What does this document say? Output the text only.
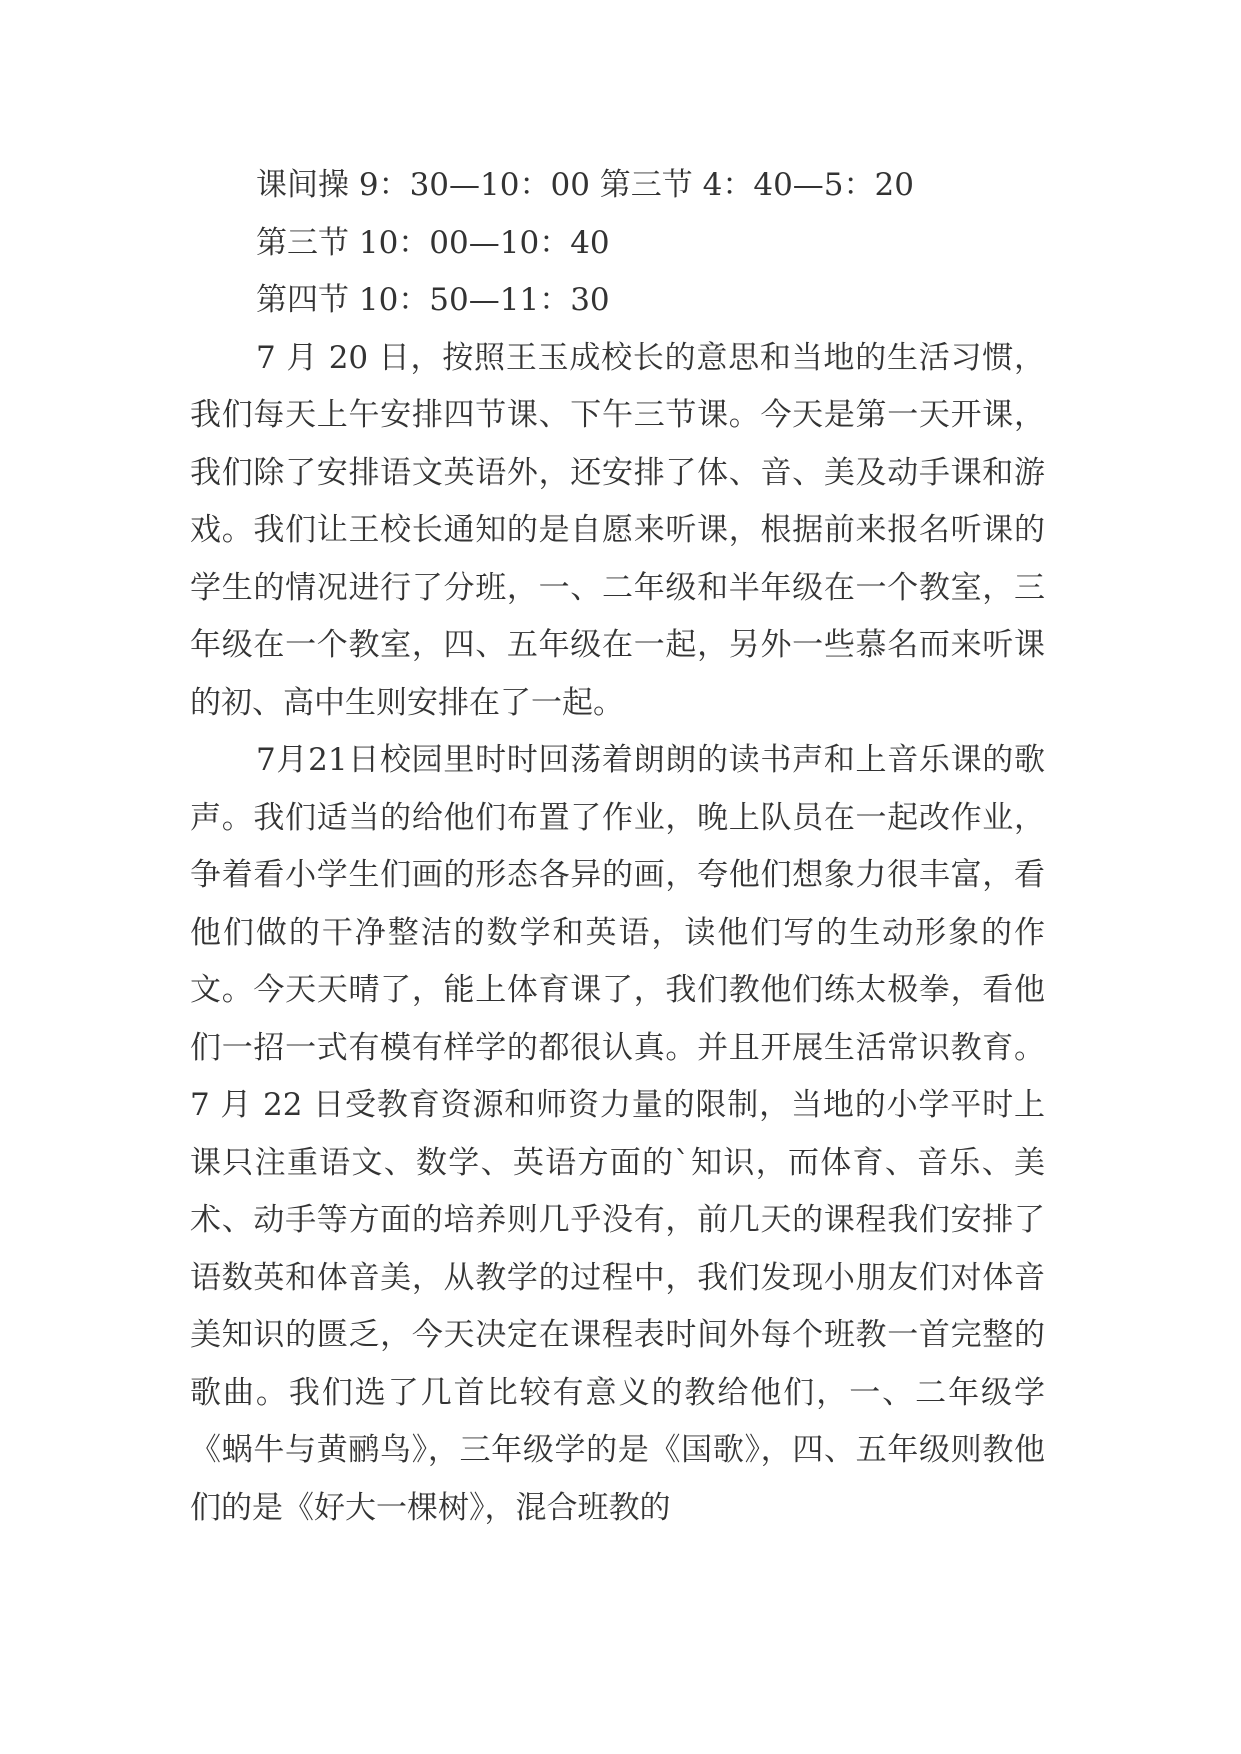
课间操 9：30—10：00 第三节 4：40—5：20

第三节 10：00—10：40

第四节 10：50—11：30

7 月 20 日，按照王玉成校长的意思和当地的生活习惯，我们每天上午安排四节课、下午三节课。今天是第一天开课，我们除了安排语文英语外，还安排了体、音、美及动手课和游戏。我们让王校长通知的是自愿来听课，根据前来报名听课的学生的情况进行了分班，一、二年级和半年级在一个教室，三年级在一个教室，四、五年级在一起，另外一些慕名而来听课的初、高中生则安排在了一起。

7月21日校园里时时回荡着朗朗的读书声和上音乐课的歌声。我们适当的给他们布置了作业，晚上队员在一起改作业，争着看小学生们画的形态各异的画，夸他们想象力很丰富，看他们做的干净整洁的数学和英语，读他们写的生动形象的作文。今天天晴了，能上体育课了，我们教他们练太极拳，看他们一招一式有模有样学的都很认真。并且开展生活常识教育。 7 月 22 日受教育资源和师资力量的限制，当地的小学平时上课只注重语文、数学、英语方面的`知识，而体育、音乐、美术、动手等方面的培养则几乎没有，前几天的课程我们安排了语数英和体音美，从教学的过程中，我们发现小朋友们对体音美知识的匮乏，今天决定在课程表时间外每个班教一首完整的歌曲。我们选了几首比较有意义的教给他们，一、二年级学《蜗牛与黄鹂鸟》，三年级学的是《国歌》，四、五年级则教他们的是《好大一棵树》，混合班教的
